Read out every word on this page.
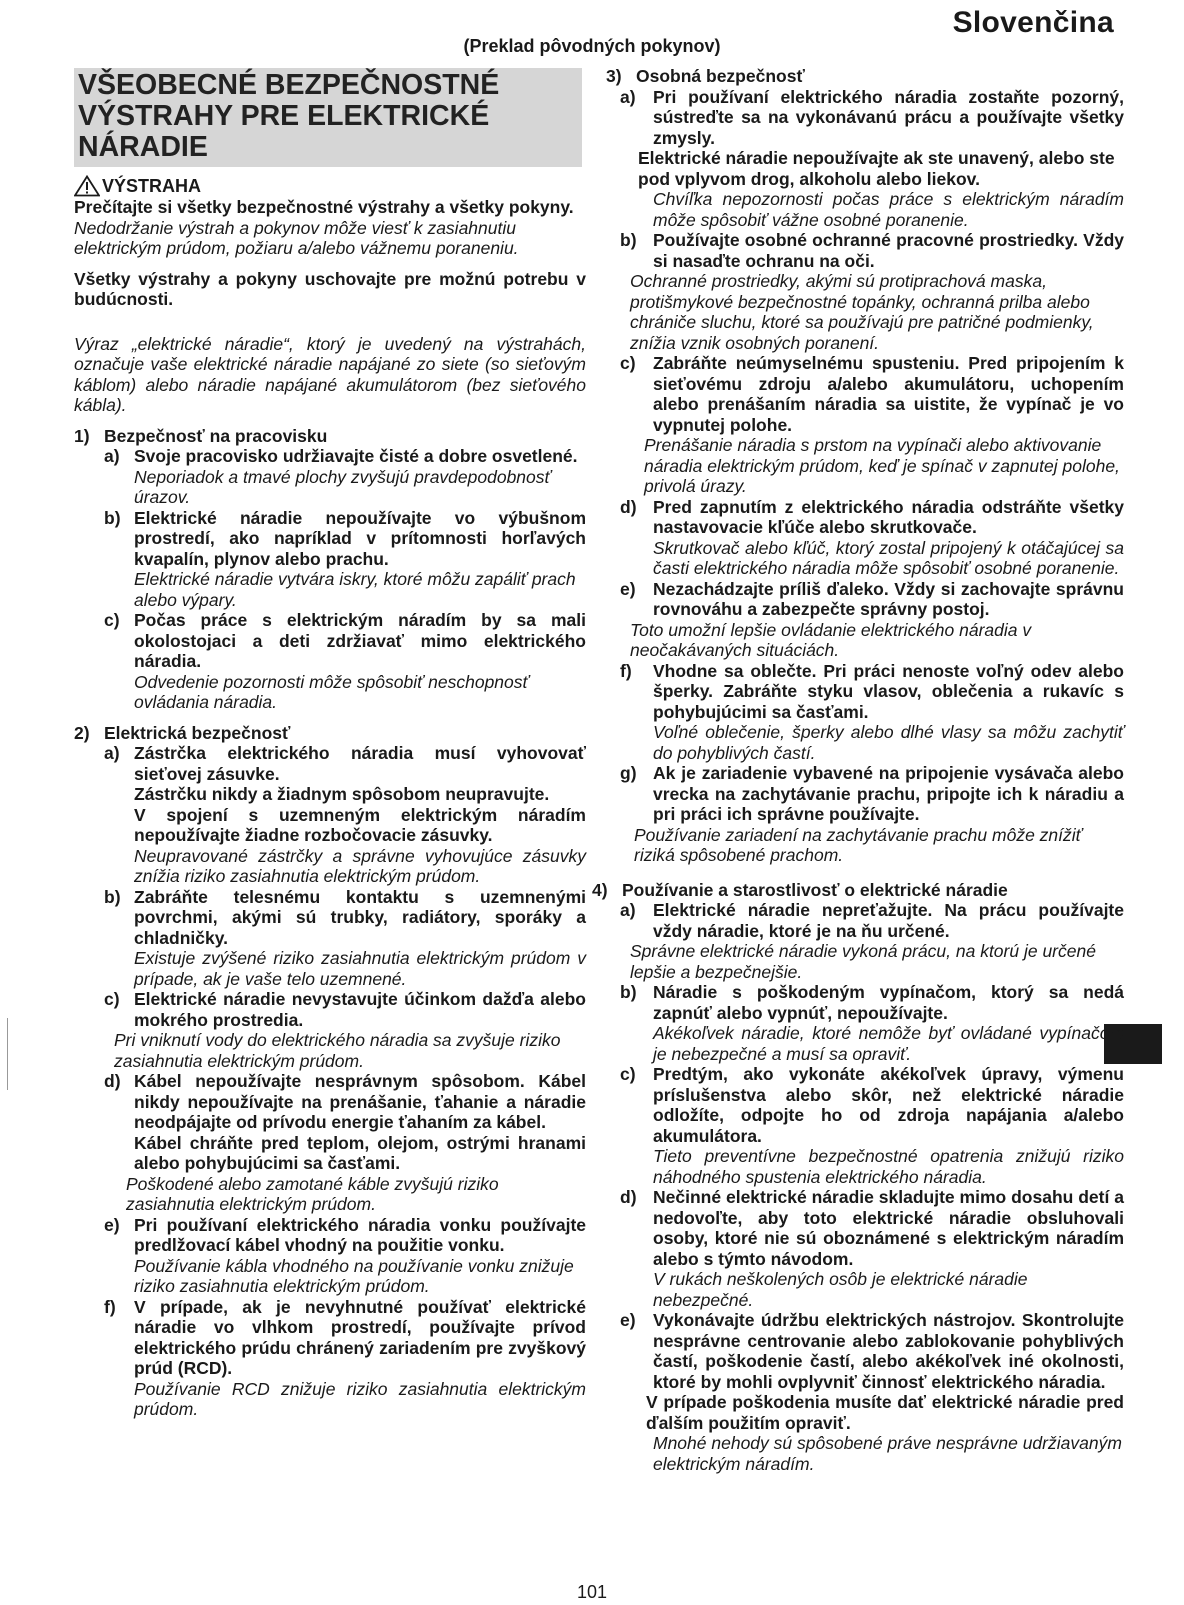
Slovenčina
(Preklad pôvodných pokynov)
VŠEOBECNÉ BEZPEČNOSTNÉ VÝSTRAHY PRE ELEKTRICKÉ NÁRADIE
VÝSTRAHA

Prečítajte si všetky bezpečnostné výstrahy a všetky pokyny.

Nedodržanie výstrah a pokynov môže viesť k zasiahnutiu elektrickým prúdom, požiaru a/alebo vážnemu poraneniu.

Všetky výstrahy a pokyny uschovajte pre možnú potrebu v budúcnosti.

Výraz „elektrické náradie“, ktorý je uvedený na výstrahách, označuje vaše elektrické náradie napájané zo siete (so sieťovým káblom) alebo náradie napájané akumulátorom (bez sieťového kábla).

1) Bezpečnosť na pracovisku
a) Svoje pracovisko udržiavajte čisté a dobre osvetlené.

Neporiadok a tmavé plochy zvyšujú pravdepodobnosť úrazov.

b) Elektrické náradie nepoužívajte vo výbušnom prostredí, ako napríklad v prítomnosti horľavých kvapalín, plynov alebo prachu.

Elektrické náradie vytvára iskry, ktoré môžu zapáliť prach alebo výpary.

c) Počas práce s elektrickým náradím by sa mali okolostojaci a deti zdržiavať mimo elektrického náradia.

Odvedenie pozornosti môže spôsobiť neschopnosť ovládania náradia.

2) Elektrická bezpečnosť
a) Zástrčka elektrického náradia musí vyhovovať sieťovej zásuvke.

Zástrčku nikdy a žiadnym spôsobom neupravujte.

V spojení s uzemneným elektrickým náradím nepoužívajte žiadne rozbočovacie zásuvky.

Neupravované zástrčky a správne vyhovujúce zásuvky znížia riziko zasiahnutia elektrickým prúdom.

b) Zabráňte telesnému kontaktu s uzemnenými povrchmi, akými sú trubky, radiátory, sporáky a chladničky.

Existuje zvýšené riziko zasiahnutia elektrickým prúdom v prípade, ak je vaše telo uzemnené.

c) Elektrické náradie nevystavujte účinkom dažďa alebo mokrého prostredia.

Pri vniknutí vody do elektrického náradia sa zvyšuje riziko zasiahnutia elektrickým prúdom.

d) Kábel nepoužívajte nesprávnym spôsobom. Kábel nikdy nepoužívajte na prenášanie, ťahanie a náradie neodpájajte od prívodu energie ťahaním za kábel.

Kábel chráňte pred teplom, olejom, ostrými hranami alebo pohybujúcimi sa časťami.

Poškodené alebo zamotané káble zvyšujú riziko zasiahnutia elektrickým prúdom.

e) Pri používaní elektrického náradia vonku používajte predlžovací kábel vhodný na použitie vonku.

Používanie kábla vhodného na používanie vonku znižuje riziko zasiahnutia elektrickým prúdom.

f)	V prípade, ak je nevyhnutné používať elektrické náradie vo vlhkom prostredí, používajte prívod elektrického prúdu chránený zariadením pre zvyškový prúd (RCD).

Používanie RCD znižuje riziko zasiahnutia elektrickým prúdom.

3) Osobná bezpečnosť
a) Pri používaní elektrického náradia zostaňte pozorný, sústreďte sa na vykonávanú prácu a používajte všetky zmysly.

Elektrické náradie nepoužívajte ak ste unavený, alebo ste pod vplyvom drog, alkoholu alebo liekov.

Chvíľka nepozornosti počas práce s elektrickým náradím môže spôsobiť vážne osobné poranenie.

b) Používajte osobné ochranné pracovné prostriedky. Vždy si nasaďte ochranu na oči.

Ochranné prostriedky, akými sú protiprachová maska, protišmykové bezpečnostné topánky, ochranná prilba alebo chrániče sluchu, ktoré sa používajú pre patričné podmienky, znížia vznik osobných poranení.

c) Zabráňte neúmyselnému spusteniu. Pred pripojením k sieťovému zdroju a/alebo akumulátoru, uchopením alebo prenášaním náradia sa uistite, že vypínač je vo vypnutej polohe.

Prenášanie náradia s prstom na vypínači alebo aktivovanie náradia elektrickým prúdom, keď je spínač v zapnutej polohe, privolá úrazy.

d) Pred zapnutím z elektrického náradia odstráňte všetky nastavovacie kľúče alebo skrutkovače.

Skrutkovač alebo kľúč, ktorý zostal pripojený k otáčajúcej sa časti elektrického náradia môže spôsobiť osobné poranenie.

e) Nezachádzajte príliš ďaleko. Vždy si zachovajte správnu rovnováhu a zabezpečte správny postoj.

Toto umožní lepšie ovládanie elektrického náradia v neočakávaných situáciách.

f)	Vhodne sa oblečte. Pri práci nenoste voľný odev alebo šperky. Zabráňte styku vlasov, oblečenia a rukavíc s pohybujúcimi sa časťami.

Voľné oblečenie, šperky alebo dlhé vlasy sa môžu zachytiť do pohyblivých častí.

g) Ak je zariadenie vybavené na pripojenie vysávača alebo vrecka na zachytávanie prachu, pripojte ich k náradiu a pri práci ich správne používajte.

Používanie zariadení na zachytávanie prachu môže znížiť riziká spôsobené prachom.

4) Používanie a starostlivosť o elektrické náradie
a) Elektrické náradie nepreťažujte. Na prácu používajte vždy náradie, ktoré je na ňu určené.

Správne elektrické náradie vykoná prácu, na ktorú je určené lepšie a bezpečnejšie.

b) Náradie s poškodeným vypínačom, ktorý sa nedá zapnúť alebo vypnúť, nepoužívajte.

Akékoľvek náradie, ktoré nemôže byť ovládané vypínačom je nebezpečné a musí sa opraviť.

c) Predtým, ako vykonáte akékoľvek úpravy, výmenu príslušenstva alebo skôr, než elektrické náradie odložíte, odpojte ho od zdroja napájania a/alebo akumulátora.

Tieto preventívne bezpečnostné opatrenia znižujú riziko náhodného spustenia elektrického náradia.

d) Nečinné elektrické náradie skladujte mimo dosahu detí a nedovoľte, aby toto elektrické náradie obsluhovali osoby, ktoré nie sú oboznámené s elektrickým náradím alebo s týmto návodom.

V rukách neškolených osôb je elektrické náradie nebezpečné.

e) Vykonávajte údržbu elektrických nástrojov. Skontrolujte nesprávne centrovanie alebo zablokovanie pohyblivých častí, poškodenie častí, alebo akékoľvek iné okolnosti, ktoré by mohli ovplyvniť činnosť elektrického náradia.

V prípade poškodenia musíte dať elektrické náradie pred ďalším použitím opraviť.

Mnohé nehody sú spôsobené práve nesprávne udržiavaným elektrickým náradím.

101
